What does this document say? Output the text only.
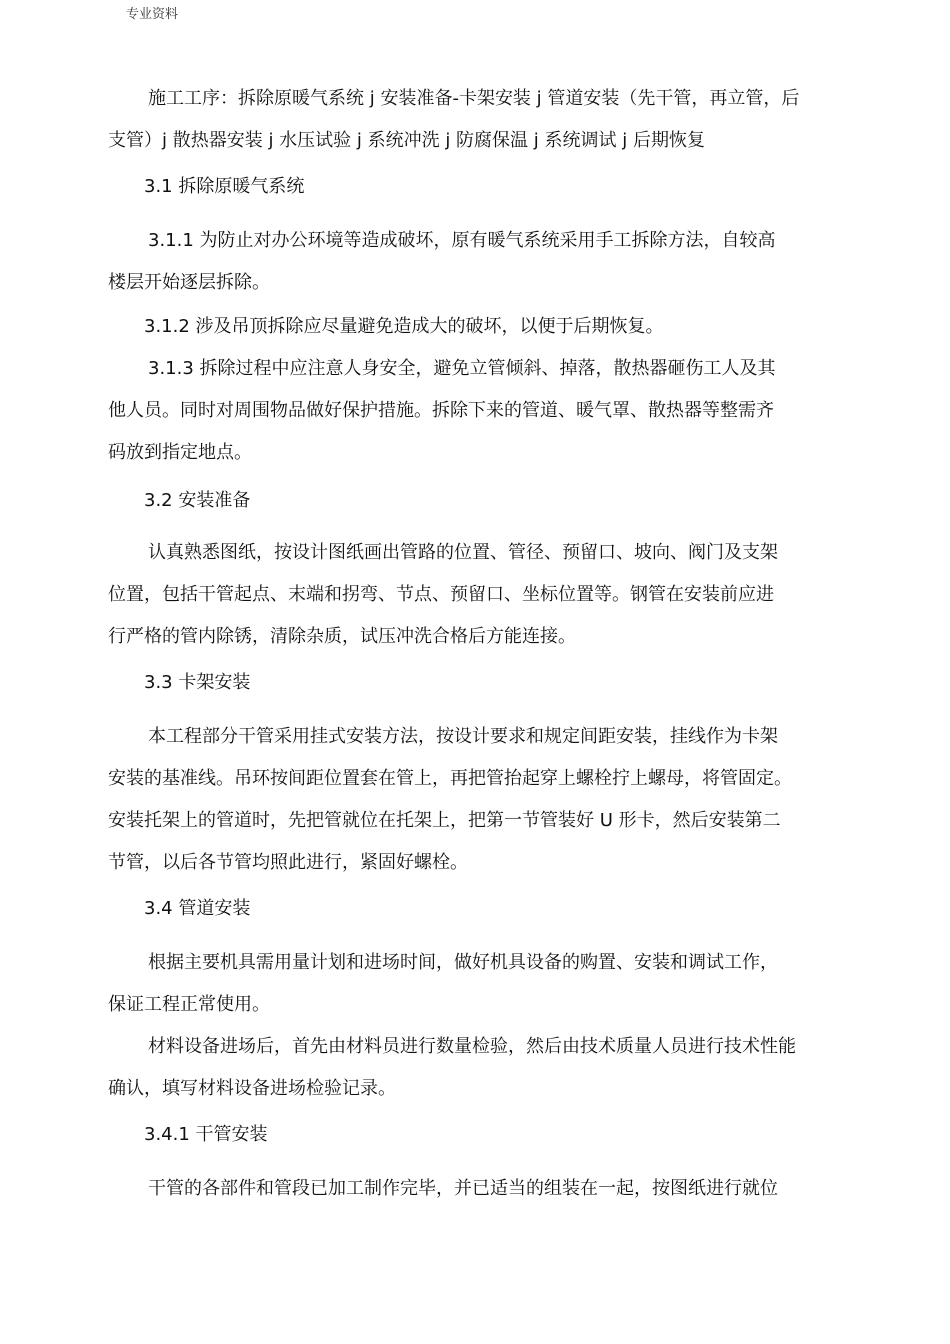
专业资料
施工工序：拆除原暖气系统 j 安装准备-卡架安装 j 管道安装（先干管，再立管，后
支管）j 散热器安装 j 水压试验 j 系统冲洗 j 防腐保温 j 系统调试 j 后期恢复
3.1 拆除原暖气系统
3.1.1 为防止对办公环境等造成破坏，原有暖气系统采用手工拆除方法，自较高
楼层开始逐层拆除。
3.1.2 涉及吊顶拆除应尽量避免造成大的破坏，以便于后期恢复。
3.1.3 拆除过程中应注意人身安全，避免立管倾斜、掉落，散热器砸伤工人及其
他人员。同时对周围物品做好保护措施。拆除下来的管道、暖气罩、散热器等整需齐
码放到指定地点。
3.2 安装准备
认真熟悉图纸，按设计图纸画出管路的位置、管径、预留口、坡向、阀门及支架
位置，包括干管起点、末端和拐弯、节点、预留口、坐标位置等。钢管在安装前应进
行严格的管内除锈，清除杂质，试压冲洗合格后方能连接。
3.3 卡架安装
本工程部分干管采用挂式安装方法，按设计要求和规定间距安装，挂线作为卡架
安装的基准线。吊环按间距位置套在管上，再把管抬起穿上螺栓拧上螺母，将管固定。
安装托架上的管道时，先把管就位在托架上，把第一节管装好 U 形卡，然后安装第二
节管，以后各节管均照此进行，紧固好螺栓。
3.4 管道安装
根据主要机具需用量计划和进场时间，做好机具设备的购置、安装和调试工作，
保证工程正常使用。
材料设备进场后，首先由材料员进行数量检验，然后由技术质量人员进行技术性能
确认，填写材料设备进场检验记录。
3.4.1 干管安装
干管的各部件和管段已加工制作完毕，并已适当的组装在一起，按图纸进行就位
